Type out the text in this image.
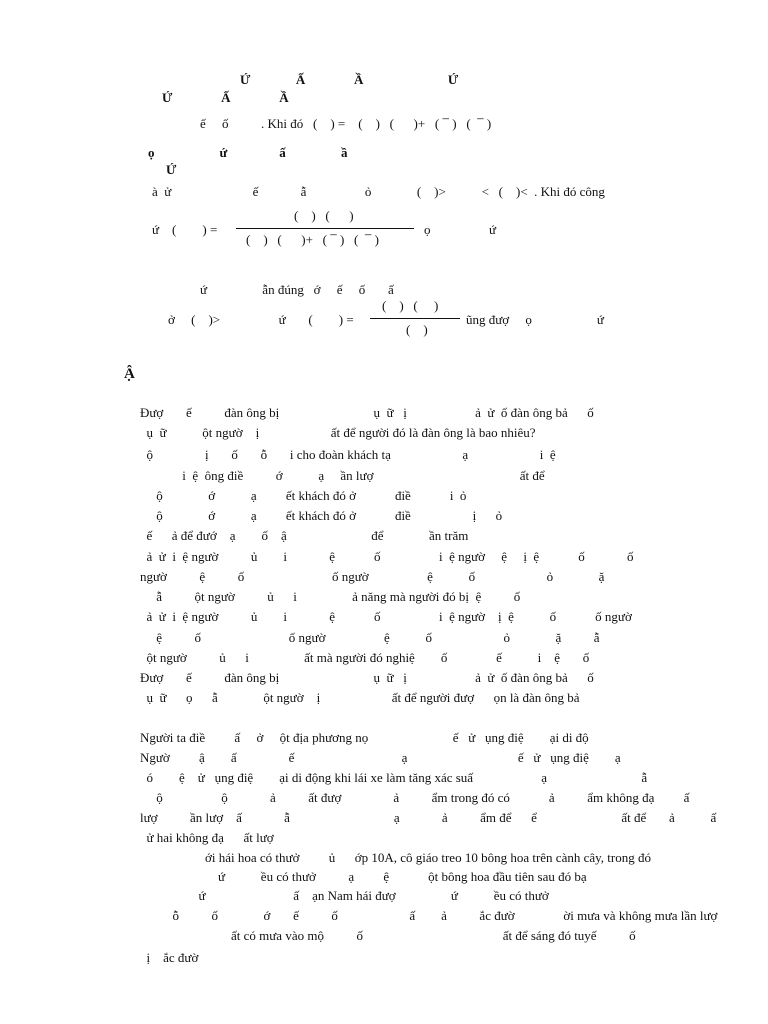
Ứ              Ấ               Ầ                          Ứ
Ứ               Ấ               Ầ
ế     ố          . Khi đó   (    ) =    (    )   (      )+   (  ̅  )   (   ̅  )
ọ                    ứ                ấ                 ầ
Ứ
à  ử                         ế             ẫ                  ỏ              (    )>           <   (    )<  . Khi đó công
ứ    (        ) =
(    )   (      )
(    )   (      )+   (  ̅  )   (   ̅  )
ọ                  ứ
ứ                 ẫn đúng   ớ     ế     ố       ấ
ở     (    )>                  ứ       (        ) =
(    )   (     )
(    )
ũng đượ     ọ                    ứ
Ậ
Đượ       ế          đàn ông bị                             ụ  ữ   ị                     ả  ử  ố đàn ông bả      ố
ụ  ữ           ột ngườ    ị                      ất để người đó là đàn ông là bao nhiêu?
ộ                ị       ố       ỗ       i cho đoàn khách tạ                      ạ                      i  ệ
i  ệ  ông điề          ớ           ạ     ần lượ                                             ất để
ộ              ớ           ạ         ết khách đó ở            điề            i  ỏ
ộ              ớ           ạ         ết khách đó ở            điề                   ị      ỏ
ế      ả để đướ    ạ        ố    ậ                          để              ần trăm
ả  ử  i  ệ ngườ          ủ        i             ệ            ố                  i  ệ ngườ     ệ     ị  ệ            ố             ố
ngườ          ệ          ố                           ố ngườ                  ệ           ố                      ỏ              ặ
ẫ          ột ngườ          ủ      i                 ả năng mà người đó bị  ệ          ố
ả  ử  i  ệ ngườ          ủ        i             ệ            ố                  i  ệ ngườ    ị  ệ           ố            ố ngườ
ệ          ố                           ố ngườ                  ệ           ố                      ỏ              ặ          ẫ
ột ngườ          ủ      i                 ất mà người đó nghiệ        ố               ế           i    ệ       ố
Đượ       ế          đàn ông bị                             ụ  ữ   ị                     ả  ử  ố đàn ông bả      ố
ụ  ữ      ọ      ẫ              ột ngườ    ị                      ất để người đượ      ọn là đàn ông bả
Người ta điề         ấ     ở     ột địa phương nọ                          ế   ử   ụng điệ        ại di độ
Ngườ         ậ        ấ                ế                                 ạ                                  ế   ử   ụng điệ        ạ
ó        ệ    ử   ụng điệ        ại di động khi lái xe làm tăng xác suấ                     ạ                             ẫ
ộ                  ộ             ả          ất đượ                ả          ẩm trong đó có            ả          ẩm không đạ         ấ
lượ          ần lượ    ấ             ẫ                                ạ             ả          ẩm để      ể                          ất để       ả           ấ
ử hai không đạ      ất lượ
ới hái hoa có thưở         ủ      ớp 10A, cô giáo treo 10 bông hoa trên cành cây, trong đó
ứ           ều có thưở          ạ         ệ            ột bông hoa đầu tiên sau đó bạ
ứ                           ấ    ạn Nam hái đượ                 ứ           ều có thưở
ỗ          ố              ớ       ế          ố                      ấ        ả          ắc đườ               ời mưa và không mưa lần lượ
ất có mưa vào mộ          ố                                           ất để sáng đó tuyế          ố
ị    ắc đườ
